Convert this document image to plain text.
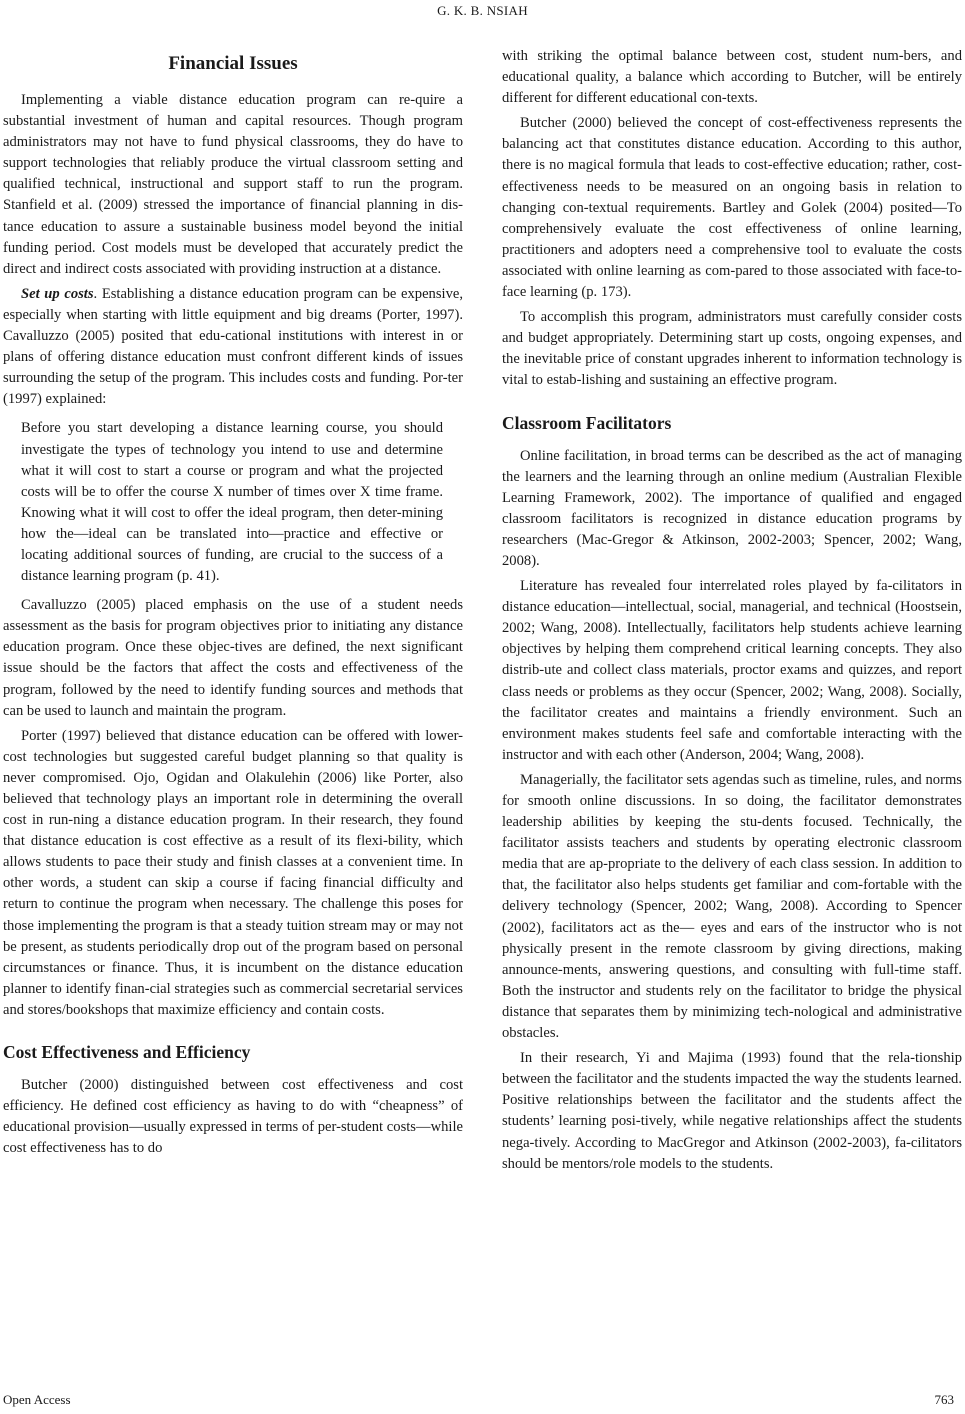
G. K. B. NSIAH
Financial Issues

Implementing a viable distance education program can re-quire a substantial investment of human and capital resources. Though program administrators may not have to fund physical classrooms, they do have to support technologies that reliably produce the virtual classroom setting and qualified technical, instructional and support staff to run the program. Stanfield et al. (2009) stressed the importance of financial planning in dis-tance education to assure a sustainable business model beyond the initial funding period. Cost models must be developed that accurately predict the direct and indirect costs associated with providing instruction at a distance.

Set up costs. Establishing a distance education program can be expensive, especially when starting with little equipment and big dreams (Porter, 1997). Cavalluzzo (2005) posited that edu-cational institutions with interest in or plans of offering distance education must confront different kinds of issues surrounding the setup of the program. This includes costs and funding. Por-ter (1997) explained:

Before you start developing a distance learning course, you should investigate the types of technology you intend to use and determine what it will cost to start a course or program and what the projected costs will be to offer the course X number of times over X time frame. Knowing what it will cost to offer the ideal program, then deter-mining how the―ideal can be translated into―practice and effective or locating additional sources of funding, are crucial to the success of a distance learning program (p. 41).

Cavalluzzo (2005) placed emphasis on the use of a student needs assessment as the basis for program objectives prior to initiating any distance education program. Once these objec-tives are defined, the next significant issue should be the factors that affect the costs and effectiveness of the program, followed by the need to identify funding sources and methods that can be used to launch and maintain the program.

Porter (1997) believed that distance education can be offered with lower-cost technologies but suggested careful budget planning so that quality is never compromised. Ojo, Ogidan and Olakulehin (2006) like Porter, also believed that technology plays an important role in determining the overall cost in run-ning a distance education program. In their research, they found that distance education is cost effective as a result of its flexi-bility, which allows students to pace their study and finish classes at a convenient time. In other words, a student can skip a course if facing financial difficulty and return to continue the program when necessary. The challenge this poses for those implementing the program is that a steady tuition stream may or may not be present, as students periodically drop out of the program based on personal circumstances or finance. Thus, it is incumbent on the distance education planner to identify finan-cial strategies such as commercial secretarial services and stores/bookshops that maximize efficiency and contain costs.

Cost Effectiveness and Efficiency

Butcher (2000) distinguished between cost effectiveness and cost efficiency. He defined cost efficiency as having to do with “cheapness” of educational provision—usually expressed in terms of per-student costs—while cost effectiveness has to do

with striking the optimal balance between cost, student num-bers, and educational quality, a balance which according to Butcher, will be entirely different for different educational con-texts.

Butcher (2000) believed the concept of cost-effectiveness represents the balancing act that constitutes distance education. According to this author, there is no magical formula that leads to cost-effective education; rather, cost-effectiveness needs to be measured on an ongoing basis in relation to changing con-textual requirements. Bartley and Golek (2004) posited―To comprehensively evaluate the cost effectiveness of online learning, practitioners and adopters need a comprehensive tool to evaluate the costs associated with online learning as com-pared to those associated with face-to-face learning (p. 173).

To accomplish this program, administrators must carefully consider costs and budget appropriately. Determining start up costs, ongoing expenses, and the inevitable price of constant upgrades inherent to information technology is vital to estab-lishing and sustaining an effective program.

Classroom Facilitators

Online facilitation, in broad terms can be described as the act of managing the learners and the learning through an online medium (Australian Flexible Learning Framework, 2002). The importance of qualified and engaged classroom facilitators is recognized in distance education programs by researchers (Mac-Gregor & Atkinson, 2002-2003; Spencer, 2002; Wang, 2008).

Literature has revealed four interrelated roles played by fa-cilitators in distance education—intellectual, social, managerial, and technical (Hoostsein, 2002; Wang, 2008). Intellectually, facilitators help students achieve learning objectives by helping them comprehend critical learning concepts. They also distrib-ute and collect class materials, proctor exams and quizzes, and report class needs or problems as they occur (Spencer, 2002; Wang, 2008). Socially, the facilitator creates and maintains a friendly environment. Such an environment makes students feel safe and comfortable interacting with the instructor and with each other (Anderson, 2004; Wang, 2008).

Managerially, the facilitator sets agendas such as timeline, rules, and norms for smooth online discussions. In so doing, the facilitator demonstrates leadership abilities by keeping the stu-dents focused. Technically, the facilitator assists teachers and students by operating electronic classroom media that are ap-propriate to the delivery of each class session. In addition to that, the facilitator also helps students get familiar and com-fortable with the delivery technology (Spencer, 2002; Wang, 2008). According to Spencer (2002), facilitators act as the― eyes and ears of the instructor who is not physically present in the remote classroom by giving directions, making announce-ments, answering questions, and consulting with full-time staff. Both the instructor and students rely on the facilitator to bridge the physical distance that separates them by minimizing tech-nological and administrative obstacles.

In their research, Yi and Majima (1993) found that the rela-tionship between the facilitator and the students impacted the way the students learned. Positive relationships between the facilitator and the students affect the students’ learning posi-tively, while negative relationships affect the students nega-tively. According to MacGregor and Atkinson (2002-2003), fa-cilitators should be mentors/role models to the students.

Open Access	763
